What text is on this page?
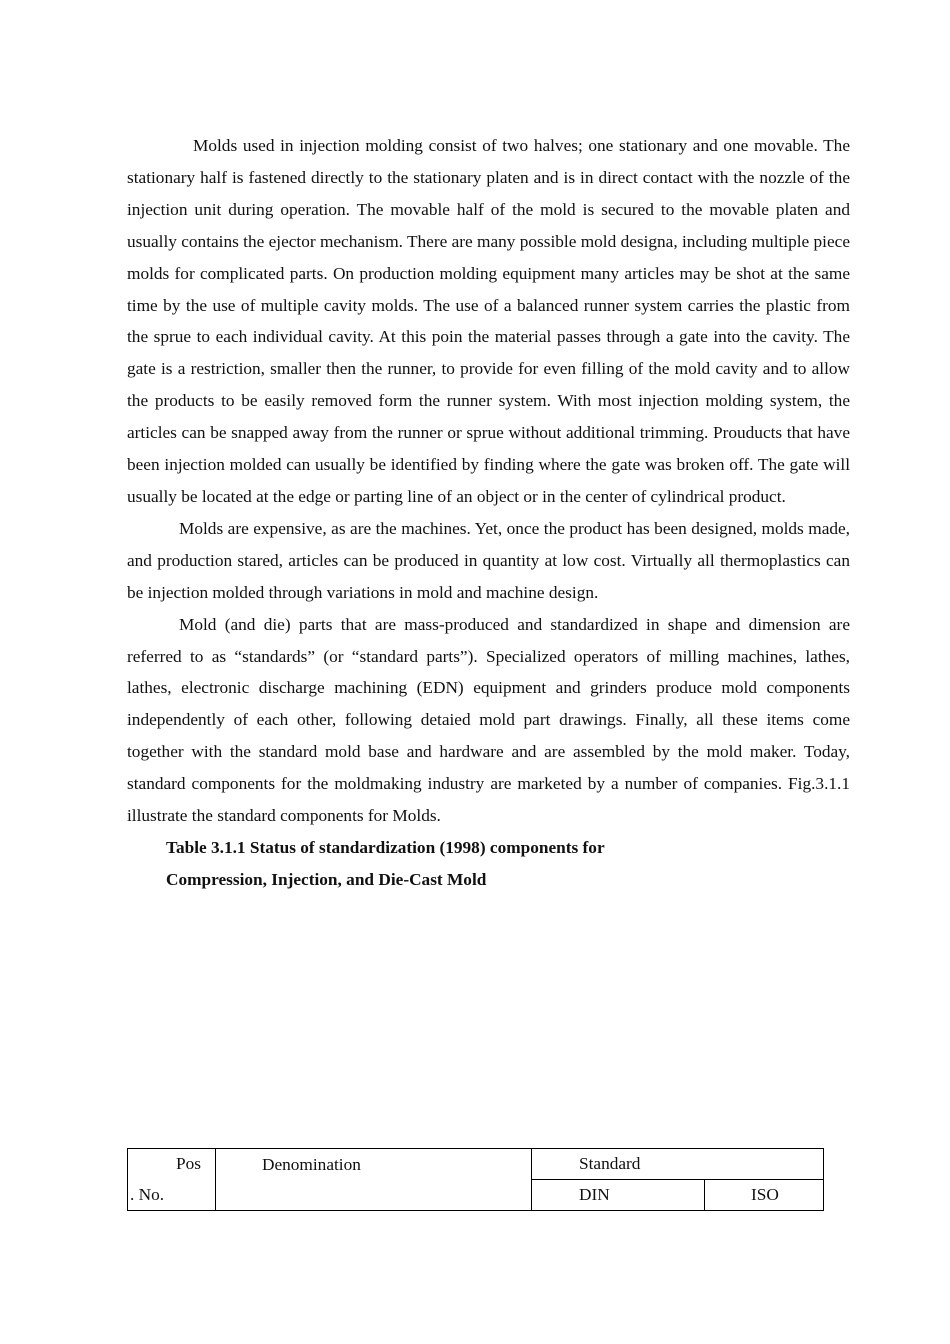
Molds used in injection molding consist of two halves; one stationary and one movable. The stationary half is fastened directly to the stationary platen and is in direct contact with the nozzle of the injection unit during operation. The movable half of the mold is secured to the movable platen and usually contains the ejector mechanism. There are many possible mold designa, including multiple piece molds for complicated parts. On production molding equipment many articles may be shot at the same time by the use of multiple cavity molds. The use of a balanced runner system carries the plastic from the sprue to each individual cavity. At this poin the material passes through a gate into the cavity. The gate is a restriction, smaller then the runner, to provide for even filling of the mold cavity and to allow the products to be easily removed form the runner system. With most injection molding system, the articles can be snapped away from the runner or sprue without additional trimming. Prouducts that have been injection molded can usually be identified by finding where the gate was broken off. The gate will usually be located at the edge or parting line of an object or in the center of cylindrical product.

Molds are expensive, as are the machines. Yet, once the product has been designed, molds made, and production stared, articles can be produced in quantity at low cost. Virtually all thermoplastics can be injection molded through variations in mold and machine design.

Mold (and die) parts that are mass-produced and standardized in shape and dimension are referred to as “standards” (or “standard parts”). Specialized operators of milling machines, lathes, lathes, electronic discharge machining (EDN) equipment and grinders produce mold components independently of each other, following detaied mold part drawings. Finally, all these items come together with the standard mold base and hardware and are assembled by the mold maker. Today, standard components for the moldmaking industry are marketed by a number of companies. Fig.3.1.1 illustrate the standard components for Molds.

Table 3.1.1 Status of standardization (1998) components for

Compression, Injection, and Die-Cast Mold

Pos	Denomination	Standard	
. No.		DIN	ISO
